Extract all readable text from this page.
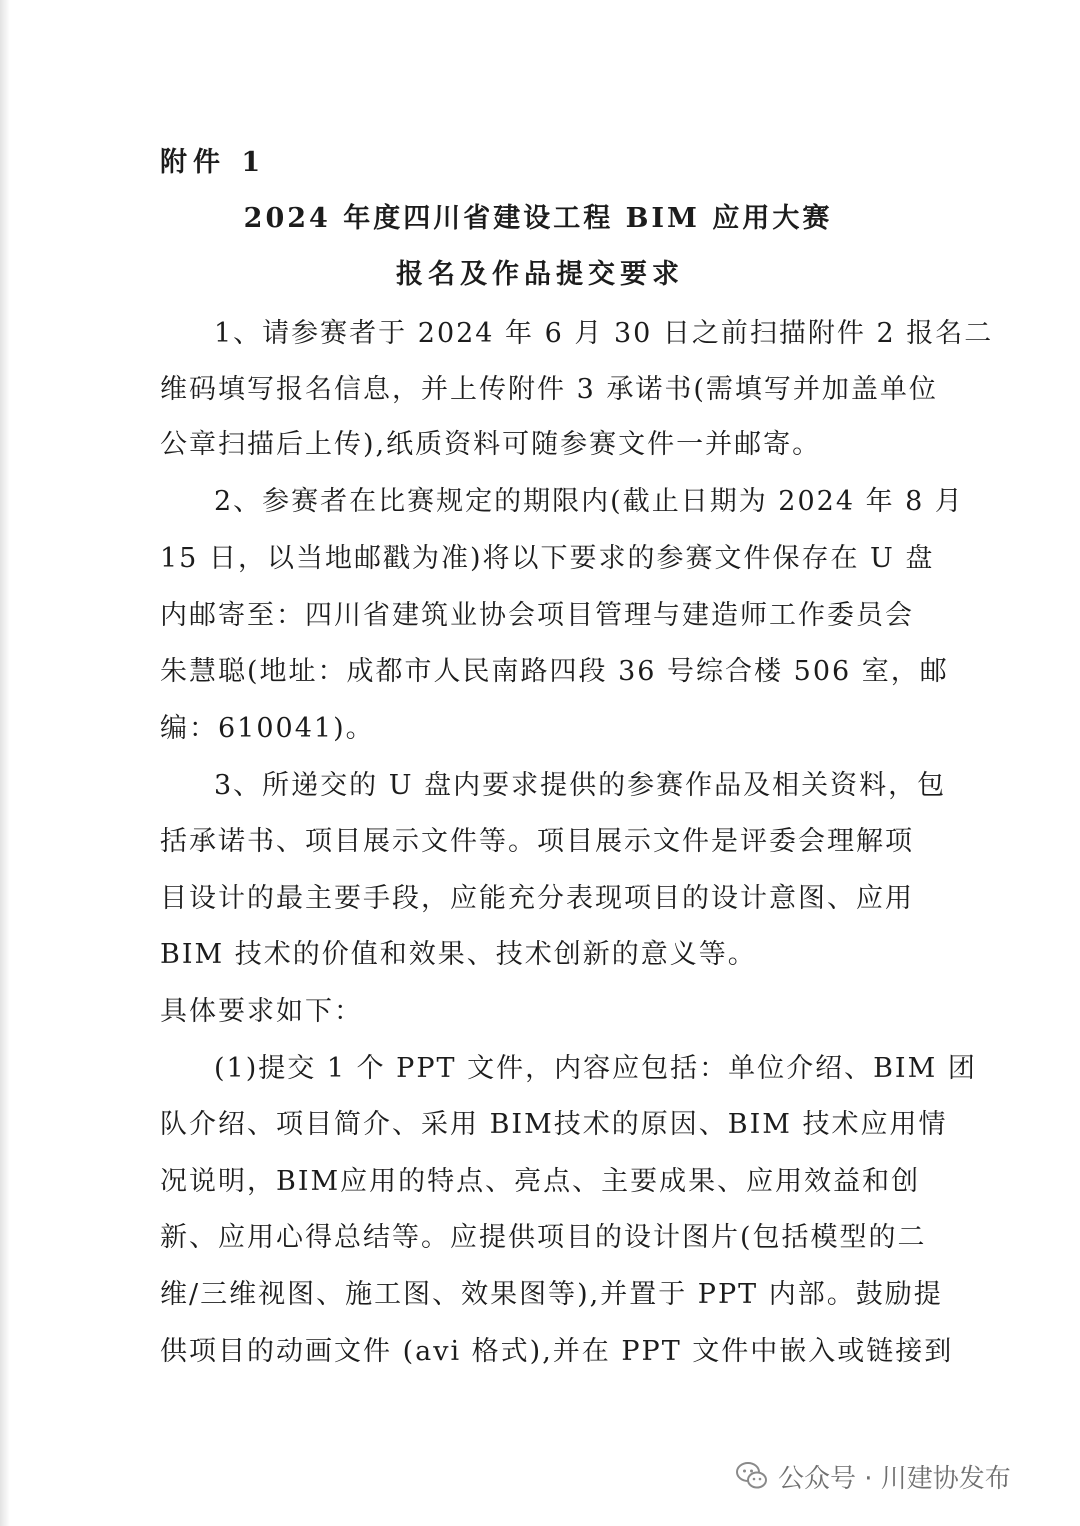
附件 1
2024 年度四川省建设工程 BIM 应用大赛
报名及作品提交要求
1、请参赛者于 2024 年 6 月 30 日之前扫描附件 2 报名二
维码填写报名信息，并上传附件 3 承诺书(需填写并加盖单位
公章扫描后上传),纸质资料可随参赛文件一并邮寄。
2、参赛者在比赛规定的期限内(截止日期为 2024 年 8 月
15 日，以当地邮戳为准)将以下要求的参赛文件保存在 U 盘
内邮寄至：四川省建筑业协会项目管理与建造师工作委员会
朱慧聪(地址：成都市人民南路四段 36 号综合楼 506 室，邮
编：610041)。
3、所递交的 U 盘内要求提供的参赛作品及相关资料，包
括承诺书、项目展示文件等。项目展示文件是评委会理解项
目设计的最主要手段，应能充分表现项目的设计意图、应用
BIM 技术的价值和效果、技术创新的意义等。
具体要求如下：
(1)提交 1 个 PPT 文件，内容应包括：单位介绍、BIM 团
队介绍、项目简介、采用 BIM技术的原因、BIM 技术应用情
况说明，BIM应用的特点、亮点、主要成果、应用效益和创
新、应用心得总结等。应提供项目的设计图片(包括模型的二
维/三维视图、施工图、效果图等),并置于 PPT 内部。鼓励提
供项目的动画文件 (avi 格式),并在 PPT 文件中嵌入或链接到
公众号 · 川建协发布
